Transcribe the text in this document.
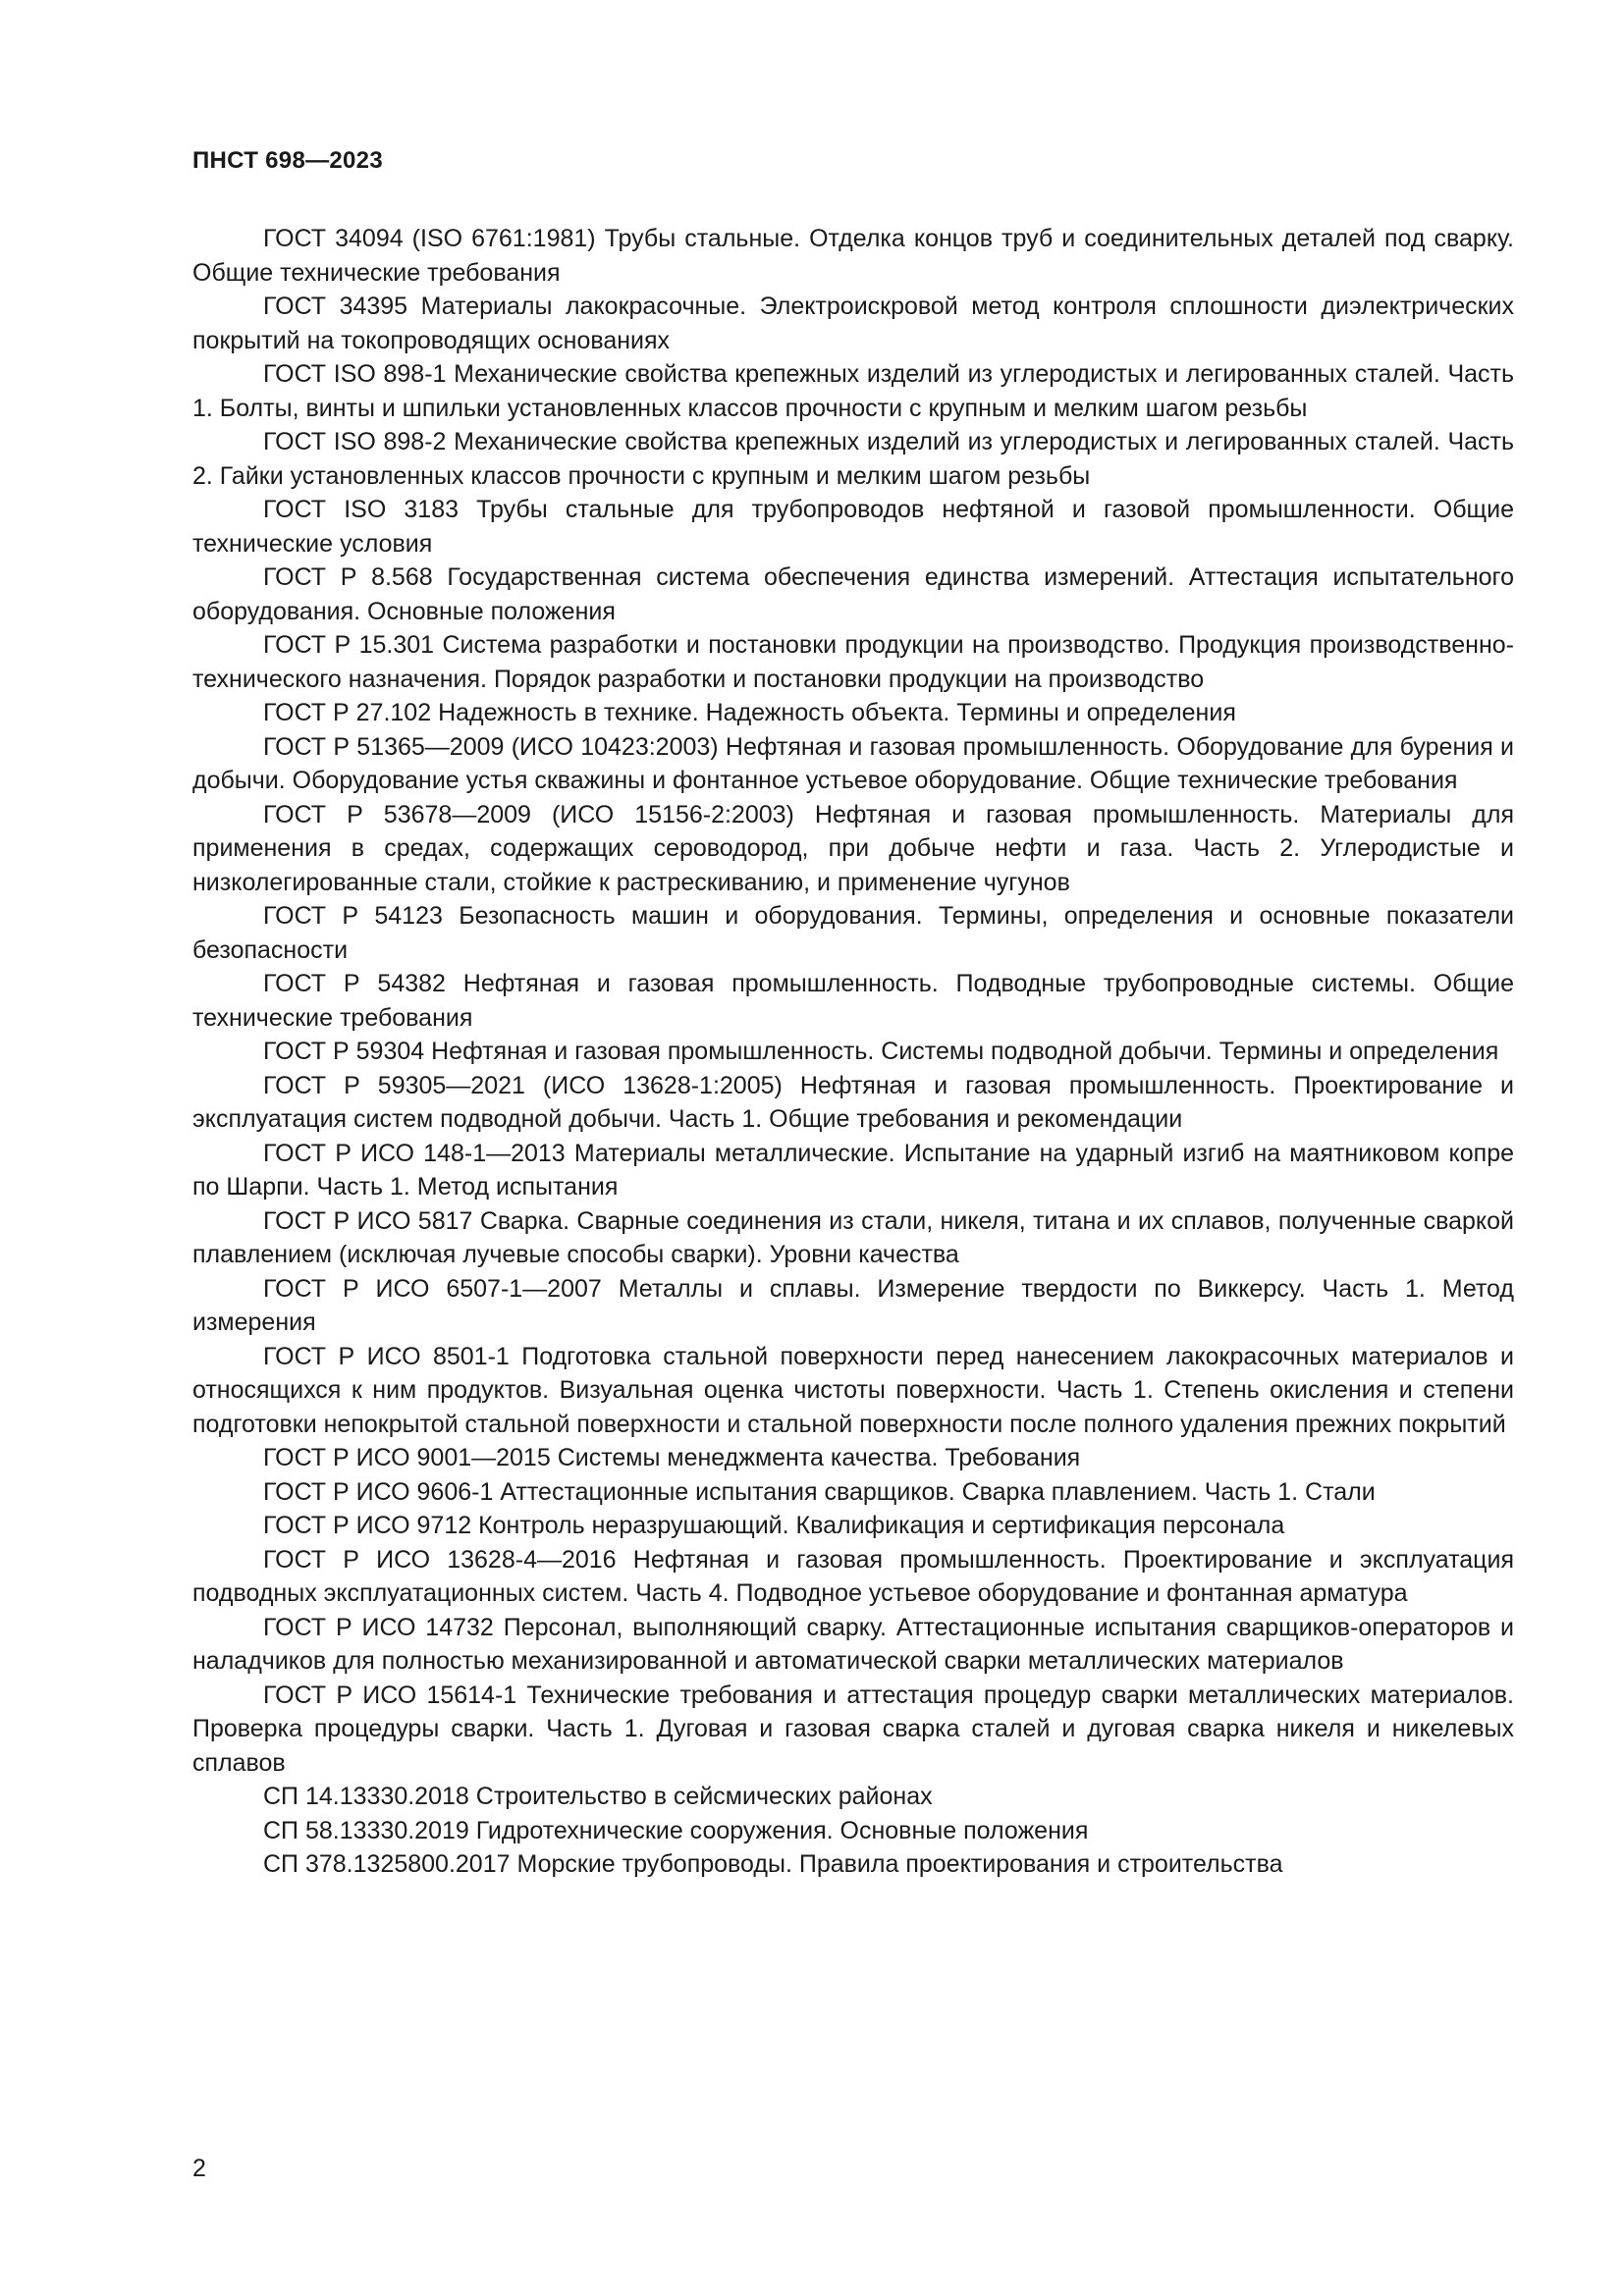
ПНСТ 698—2023

ГОСТ 34094 (ISO 6761:1981) Трубы стальные. Отделка концов труб и соединительных деталей под сварку. Общие технические требования

ГОСТ 34395 Материалы лакокрасочные. Электроискровой метод контроля сплошности диэлектрических покрытий на токопроводящих основаниях

ГОСТ ISO 898-1 Механические свойства крепежных изделий из углеродистых и легированных сталей. Часть 1. Болты, винты и шпильки установленных классов прочности с крупным и мелким шагом резьбы

ГОСТ ISO 898-2 Механические свойства крепежных изделий из углеродистых и легированных сталей. Часть 2. Гайки установленных классов прочности с крупным и мелким шагом резьбы

ГОСТ ISO 3183 Трубы стальные для трубопроводов нефтяной и газовой промышленности. Общие технические условия

ГОСТ Р 8.568 Государственная система обеспечения единства измерений. Аттестация испытательного оборудования. Основные положения

ГОСТ Р 15.301 Система разработки и постановки продукции на производство. Продукция производственно-технического назначения. Порядок разработки и постановки продукции на производство

ГОСТ Р 27.102 Надежность в технике. Надежность объекта. Термины и определения

ГОСТ Р 51365—2009 (ИСО 10423:2003) Нефтяная и газовая промышленность. Оборудование для бурения и добычи. Оборудование устья скважины и фонтанное устьевое оборудование. Общие технические требования

ГОСТ Р 53678—2009 (ИСО 15156-2:2003) Нефтяная и газовая промышленность. Материалы для применения в средах, содержащих сероводород, при добыче нефти и газа. Часть 2. Углеродистые и низколегированные стали, стойкие к растрескиванию, и применение чугунов

ГОСТ Р 54123 Безопасность машин и оборудования. Термины, определения и основные показатели безопасности

ГОСТ Р 54382 Нефтяная и газовая промышленность. Подводные трубопроводные системы. Общие технические требования

ГОСТ Р 59304 Нефтяная и газовая промышленность. Системы подводной добычи. Термины и определения

ГОСТ Р 59305—2021 (ИСО 13628-1:2005) Нефтяная и газовая промышленность. Проектирование и эксплуатация систем подводной добычи. Часть 1. Общие требования и рекомендации

ГОСТ Р ИСО 148-1—2013 Материалы металлические. Испытание на ударный изгиб на маятниковом копре по Шарпи. Часть 1. Метод испытания

ГОСТ Р ИСО 5817 Сварка. Сварные соединения из стали, никеля, титана и их сплавов, полученные сваркой плавлением (исключая лучевые способы сварки). Уровни качества

ГОСТ Р ИСО 6507-1—2007 Металлы и сплавы. Измерение твердости по Виккерсу. Часть 1. Метод измерения

ГОСТ Р ИСО 8501-1 Подготовка стальной поверхности перед нанесением лакокрасочных материалов и относящихся к ним продуктов. Визуальная оценка чистоты поверхности. Часть 1. Степень окисления и степени подготовки непокрытой стальной поверхности и стальной поверхности после полного удаления прежних покрытий

ГОСТ Р ИСО 9001—2015 Системы менеджмента качества. Требования

ГОСТ Р ИСО 9606-1 Аттестационные испытания сварщиков. Сварка плавлением. Часть 1. Стали

ГОСТ Р ИСО 9712 Контроль неразрушающий. Квалификация и сертификация персонала

ГОСТ Р ИСО 13628-4—2016 Нефтяная и газовая промышленность. Проектирование и эксплуатация подводных эксплуатационных систем. Часть 4. Подводное устьевое оборудование и фонтанная арматура

ГОСТ Р ИСО 14732 Персонал, выполняющий сварку. Аттестационные испытания сварщиков-операторов и наладчиков для полностью механизированной и автоматической сварки металлических материалов

ГОСТ Р ИСО 15614-1 Технические требования и аттестация процедур сварки металлических материалов. Проверка процедуры сварки. Часть 1. Дуговая и газовая сварка сталей и дуговая сварка никеля и никелевых сплавов

СП 14.13330.2018 Строительство в сейсмических районах

СП 58.13330.2019 Гидротехнические сооружения. Основные положения

СП 378.1325800.2017 Морские трубопроводы. Правила проектирования и строительства

2
